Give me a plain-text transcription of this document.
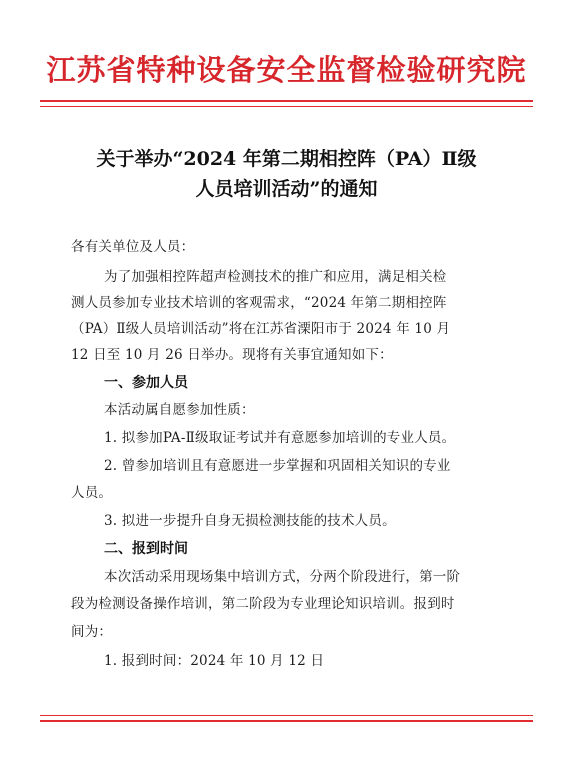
江苏省特种设备安全监督检验研究院
关于举办“2024 年第二期相控阵（PA）Ⅱ级
人员培训活动”的通知
各有关单位及人员：
为了加强相控阵超声检测技术的推广和应用，满足相关检
测人员参加专业技术培训的客观需求，“2024 年第二期相控阵
（PA）Ⅱ级人员培训活动”将在江苏省溧阳市于 2024 年 10 月
12 日至 10 月 26 日举办。现将有关事宜通知如下：
一、参加人员
本活动属自愿参加性质：
1. 拟参加PA-Ⅱ级取证考试并有意愿参加培训的专业人员。
2. 曾参加培训且有意愿进一步掌握和巩固相关知识的专业
人员。
3. 拟进一步提升自身无损检测技能的技术人员。
二、报到时间
本次活动采用现场集中培训方式，分两个阶段进行，第一阶
段为检测设备操作培训，第二阶段为专业理论知识培训。报到时
间为：
1. 报到时间：2024 年 10 月 12 日
